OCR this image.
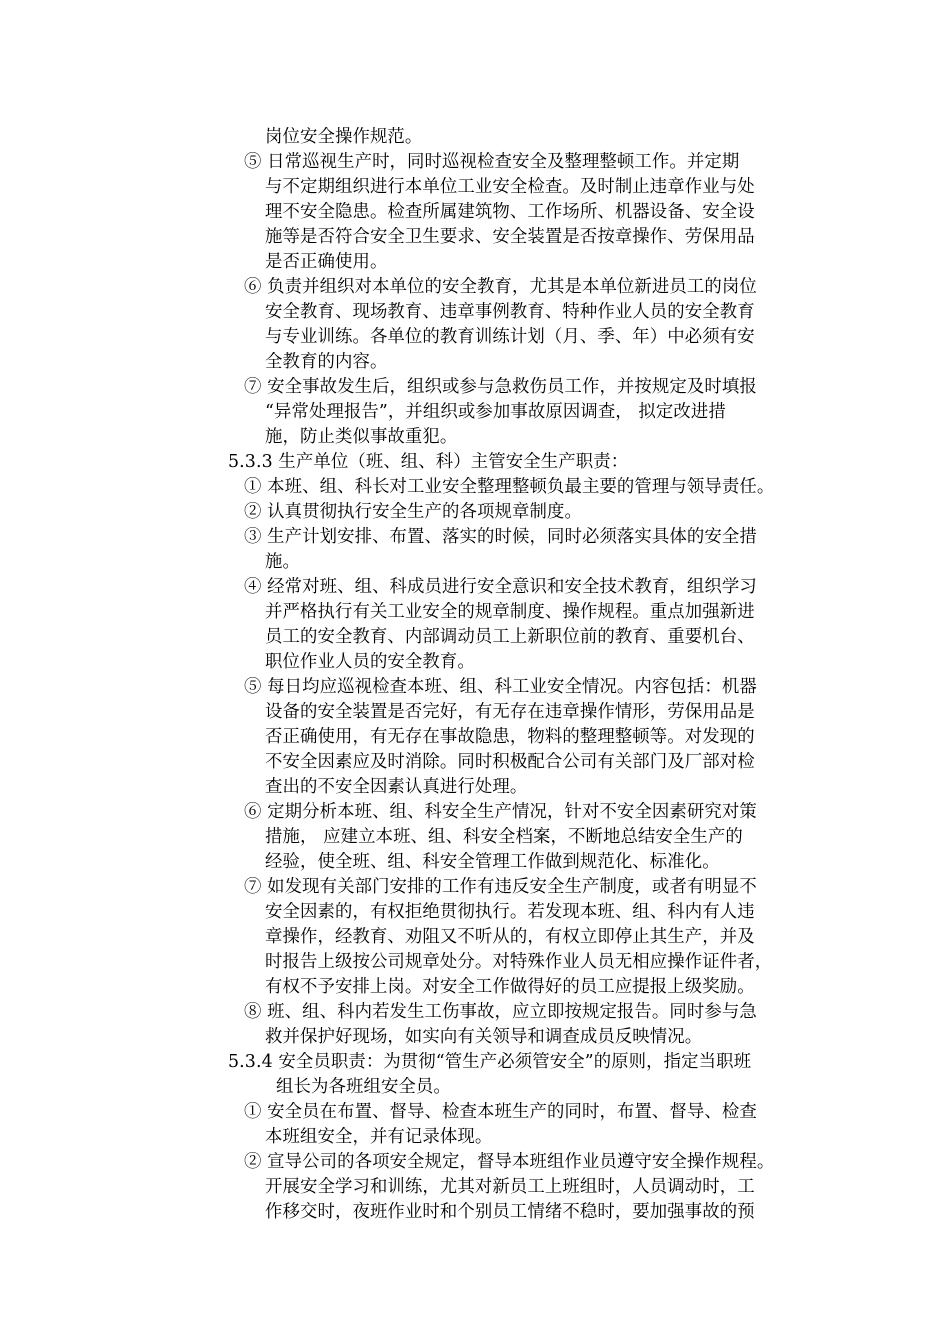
岗位安全操作规范。

⑤ 日常巡视生产时，同时巡视检查安全及整理整顿工作。并定期

与不定期组织进行本单位工业安全检查。及时制止违章作业与处

理不安全隐患。检查所属建筑物、工作场所、机器设备、安全设

施等是否符合安全卫生要求、安全装置是否按章操作、劳保用品

是否正确使用。

⑥ 负责并组织对本单位的安全教育，尤其是本单位新进员工的岗位

安全教育、现场教育、违章事例教育、特种作业人员的安全教育

与专业训练。各单位的教育训练计划（月、季、年）中必须有安

全教育的内容。

⑦ 安全事故发生后，组织或参与急救伤员工作，并按规定及时填报

“异常处理报告”，并组织或参加事故原因调查， 拟定改进措

施，防止类似事故重犯。

5.3.3 生产单位（班、组、科）主管安全生产职责：

① 本班、组、科长对工业安全整理整顿负最主要的管理与领导责任。

② 认真贯彻执行安全生产的各项规章制度。

③ 生产计划安排、布置、落实的时候，同时必须落实具体的安全措

施。

④ 经常对班、组、科成员进行安全意识和安全技术教育，组织学习

并严格执行有关工业安全的规章制度、操作规程。重点加强新进

员工的安全教育、内部调动员工上新职位前的教育、重要机台、

职位作业人员的安全教育。

⑤ 每日均应巡视检查本班、组、科工业安全情况。内容包括：机器

设备的安全装置是否完好，有无存在违章操作情形，劳保用品是

否正确使用，有无存在事故隐患，物料的整理整顿等。对发现的

不安全因素应及时消除。同时积极配合公司有关部门及厂部对检

查出的不安全因素认真进行处理。

⑥ 定期分析本班、组、科安全生产情况，针对不安全因素研究对策

措施， 应建立本班、组、科安全档案，不断地总结安全生产的

经验，使全班、组、科安全管理工作做到规范化、标准化。

⑦ 如发现有关部门安排的工作有违反安全生产制度，或者有明显不

安全因素的，有权拒绝贯彻执行。若发现本班、组、科内有人违

章操作，经教育、劝阻又不听从的，有权立即停止其生产，并及

时报告上级按公司规章处分。对特殊作业人员无相应操作证件者，

有权不予安排上岗。对安全工作做得好的员工应提报上级奖励。

⑧ 班、组、科内若发生工伤事故，应立即按规定报告。同时参与急

救并保护好现场，如实向有关领导和调查成员反映情况。

5.3.4 安全员职责：为贯彻“管生产必须管安全”的原则，指定当职班

组长为各班组安全员。

① 安全员在布置、督导、检查本班生产的同时，布置、督导、检查

本班组安全，并有记录体现。

② 宣导公司的各项安全规定，督导本班组作业员遵守安全操作规程。

开展安全学习和训练，尤其对新员工上班组时，人员调动时，工

作移交时，夜班作业时和个别员工情绪不稳时，要加强事故的预
